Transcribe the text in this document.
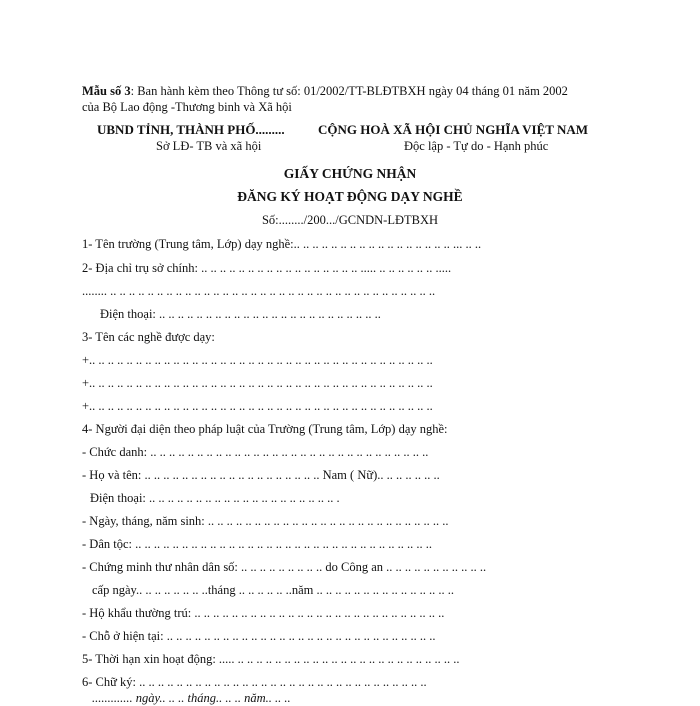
Mẫu số 3: Ban hành kèm theo Thông tư số: 01/2002/TT-BLĐTBXH ngày 04 tháng 01 năm 2002
của Bộ Lao động -Thương binh và Xã hội
UBND TỈNH, THÀNH PHỐ.........
Sở LĐ- TB và xã hội
CỘNG HOÀ XÃ HỘI CHỦ NGHĨA VIỆT NAM
Độc lập - Tự do - Hạnh phúc
GIẤY CHỨNG NHẬN
ĐĂNG KÝ HOẠT ĐỘNG DẠY NGHỀ
Số:......../200.../GCNDN-LĐTBXH
1- Tên trường (Trung tâm, Lớp) dạy nghề:.. .. .. .. .. .. .. .. .. .. .. .. .. .. .. .. .. ... .. ..
2- Địa chỉ trụ sở chính: .. .. .. .. .. .. .. .. .. .. .. .. .. .. .. .. .. ..... .. .. .. .. .. .. .....
........ .. .. .. .. .. .. .. .. .. .. .. .. .. .. .. .. .. .. .. .. .. .. .. .. .. .. .. .. .. .. .. .. .. .. ..
Điện thoại: .. .. .. .. .. .. .. .. .. .. .. .. .. .. .. .. .. .. .. .. .. .. .. ..
3- Tên các nghề được dạy:
+.. .. .. .. .. .. .. .. .. .. .. .. .. .. .. .. .. .. .. .. .. .. .. .. .. .. .. .. .. .. .. .. .. .. .. .. ..
+.. .. .. .. .. .. .. .. .. .. .. .. .. .. .. .. .. .. .. .. .. .. .. .. .. .. .. .. .. .. .. .. .. .. .. .. ..
+.. .. .. .. .. .. .. .. .. .. .. .. .. .. .. .. .. .. .. .. .. .. .. .. .. .. .. .. .. .. .. .. .. .. .. .. ..
4- Người đại diện theo pháp luật của Trường (Trung tâm, Lớp) dạy nghề:
- Chức danh: .. .. .. .. .. .. .. .. .. .. .. .. .. .. .. .. .. .. .. .. .. .. .. .. .. .. .. .. .. ..
- Họ và tên: .. .. .. .. .. .. .. .. .. .. .. .. .. .. .. .. .. .. .. Nam ( Nữ).. .. .. .. .. .. ..
Điện thoại: .. .. .. .. .. .. .. .. .. .. .. .. .. .. .. .. .. .. .. .. .
- Ngày, tháng, năm sinh: .. .. .. .. .. .. .. .. .. .. .. .. .. .. .. .. .. .. .. .. .. .. .. .. .. ..
- Dân tộc: .. .. .. .. .. .. .. .. .. .. .. .. .. .. .. .. .. .. .. .. .. .. .. .. .. .. .. .. .. .. .. ..
- Chứng minh thư nhân dân số: .. .. .. .. .. .. .. .. .. do Công an .. .. .. .. .. .. .. .. .. .. ..
cấp ngày.. .. .. .. .. .. .. ..tháng .. .. .. .. .. ..năm .. .. .. .. .. .. .. .. .. .. .. .. .. .. ..
- Hộ khẩu thường trú: .. .. .. .. .. .. .. .. .. .. .. .. .. .. .. .. .. .. .. .. .. .. .. .. .. .. ..
- Chỗ ở hiện tại: .. .. .. .. .. .. .. .. .. .. .. .. .. .. .. .. .. .. .. .. .. .. .. .. .. .. .. .. ..
5- Thời hạn xin hoạt động: ..... .. .. .. .. .. .. .. .. .. .. .. .. .. .. .. .. .. .. .. .. .. .. .. ..
6- Chữ ký: .. .. .. .. .. .. .. .. .. .. .. .. .. .. .. .. .. .. .. .. .. .. .. .. .. .. .. .. .. .. ..
............. ngày.. .. .. tháng.. .. .. năm.. .. ..
